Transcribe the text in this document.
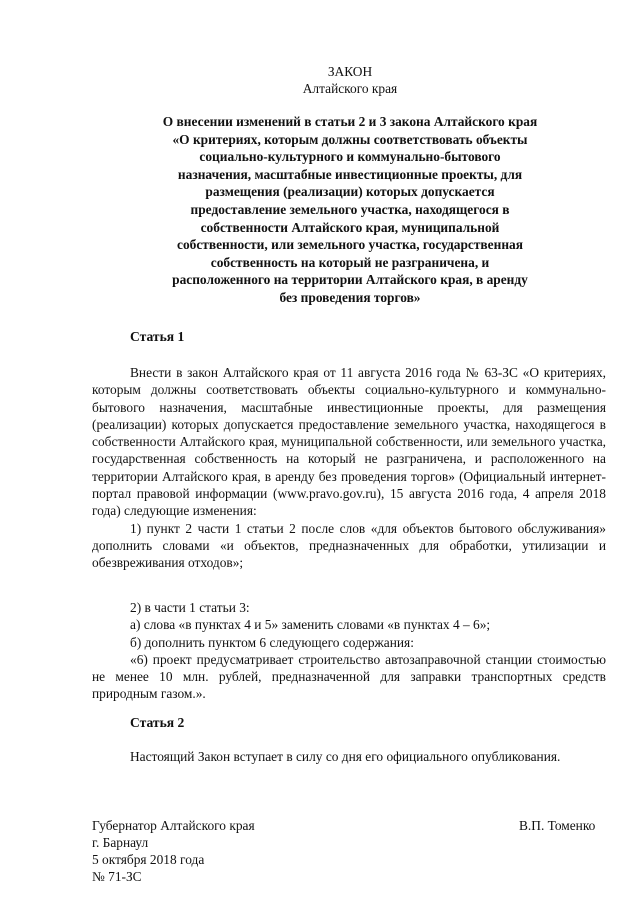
ЗАКОН
Алтайского края
О внесении изменений в статьи 2 и 3 закона Алтайского края
«О критериях, которым должны соответствовать объекты
социально-культурного и коммунально-бытового
назначения, масштабные инвестиционные проекты, для
размещения (реализации) которых допускается
предоставление земельного участка, находящегося в
собственности Алтайского края, муниципальной
собственности, или земельного участка, государственная
собственность на который не разграничена, и
расположенного на территории Алтайского края, в аренду
без проведения торгов»
Статья 1

Внести в закон Алтайского края от 11 августа 2016 года № 63-ЗС «О критериях, которым должны соответствовать объекты социально-культурного и коммунально-бытового назначения, масштабные инвестиционные проекты, для размещения (реализации) которых допускается предоставление земельного участка, находящегося в собственности Алтайского края, муниципальной собственности, или земельного участка, государственная собственность на который не разграничена, и расположенного на территории Алтайского края, в аренду без проведения торгов» (Официальный интернет-портал правовой информации (www.pravo.gov.ru), 15 августа 2016 года, 4 апреля 2018 года) следующие изменения:

1) пункт 2 части 1 статьи 2 после слов «для объектов бытового обслуживания» дополнить словами «и объектов, предназначенных для обработки, утилизации и обезвреживания отходов»;

2) в части 1 статьи 3:

а) слова «в пунктах 4 и 5» заменить словами «в пунктах 4 – 6»;

б) дополнить пунктом 6 следующего содержания:

«6) проект предусматривает строительство автозаправочной станции стоимостью не менее 10 млн. рублей, предназначенной для заправки транспортных средств природным газом.».

Статья 2

Настоящий Закон вступает в силу со дня его официального опубликования.

Губернатор Алтайского края	В.П. Томенко
г. Барнаул
5 октября 2018 года
№ 71-ЗС
